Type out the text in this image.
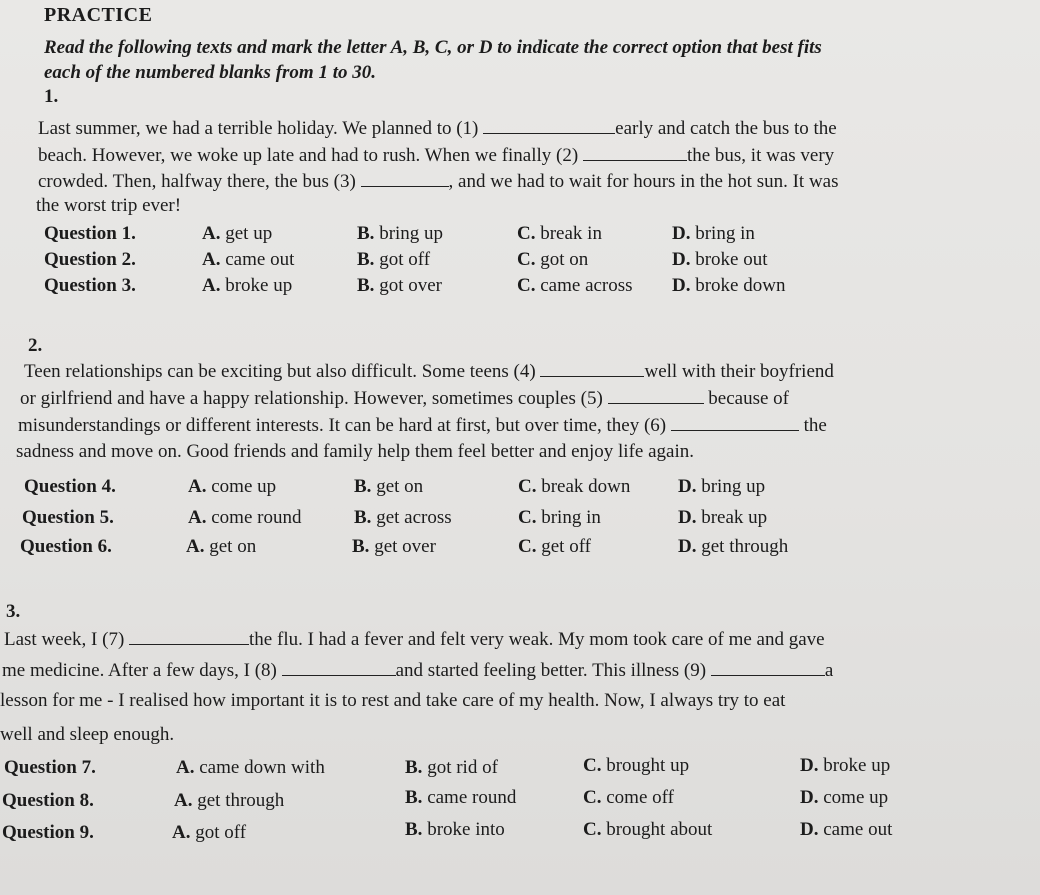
PRACTICE
Read the following texts and mark the letter A, B, C, or D to indicate the correct option that best fits
each of the numbered blanks from 1 to 30.
1.
Last summer, we had a terrible holiday. We planned to (1)	early and catch the bus to the
beach. However, we woke up late and had to rush. When we finally (2)	the bus, it was very
crowded. Then, halfway there, the bus (3)	, and we had to wait for hours in the hot sun. It was
the worst trip ever!
Question 1.	A. get up	B. bring up	C. break in	D. bring in
Question 2.	A. came out	B. got off	C. got on	D. broke out
Question 3.	A. broke up	B. got over	C. came across D. broke down
2.
Teen relationships can be exciting but also difficult. Some teens (4)	well with their boyfriend
or girlfriend and have a happy relationship. However, sometimes couples (5)	because of
misunderstandings or different interests. It can be hard at first, but over time, they (6)	the
sadness and move on. Good friends and family help them feel better and enjoy life again.
Question 4.	A. come up	B. get on	C. break down	D. bring up
Question 5.	A. come round	B. get across	C. bring in	D. break up
Question 6.	A. get on	B. get over	C. get off	D. get through
3.
Last week, I (7)	the flu. I had a fever and felt very weak. My mom took care of me and gave
me medicine. After a few days, I (8)	and started feeling better. This illness (9)	a
lesson for me - I realised how important it is to rest and take care of my health. Now, I always try to eat
well and sleep enough.
Question 7.	A. came down with	B. got rid of	C. brought up	D. broke up
Question 8.	A. get through	B. came round	C. come off	D. come up
Question 9.	A. got off	B. broke into	C. brought about	D. came out
